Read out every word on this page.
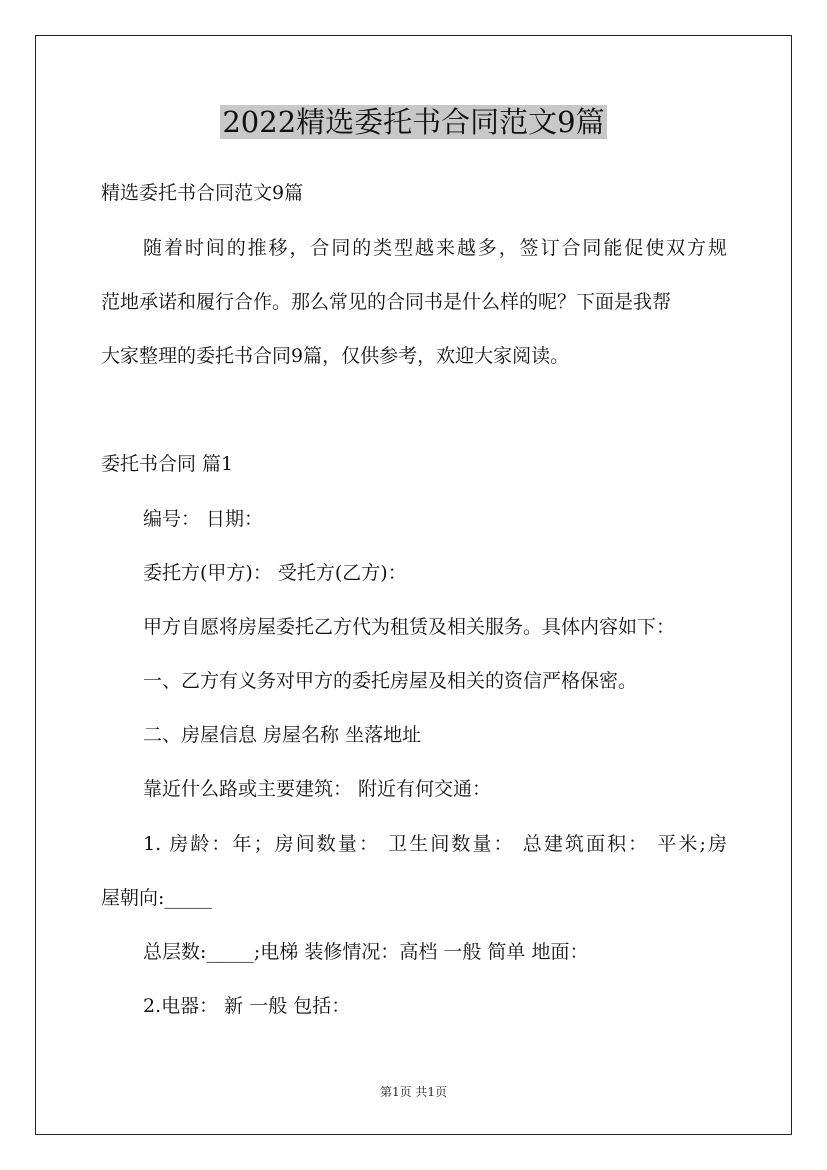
2022精选委托书合同范文9篇
精选委托书合同范文9篇
随着时间的推移，合同的类型越来越多，签订合同能促使双方规
范地承诺和履行合作。那么常见的合同书是什么样的呢？下面是我帮
大家整理的委托书合同9篇，仅供参考，欢迎大家阅读。
委托书合同 篇1
编号： 日期：
委托方(甲方)： 受托方(乙方)：
甲方自愿将房屋委托乙方代为租赁及相关服务。具体内容如下：
一、乙方有义务对甲方的委托房屋及相关的资信严格保密。
二、房屋信息 房屋名称 坐落地址
靠近什么路或主要建筑： 附近有何交通：
1. 房龄：年；房间数量： 卫生间数量： 总建筑面积： 平米;房
屋朝向:_____
总层数:_____;电梯 装修情况：高档 一般 简单 地面：
2.电器： 新 一般 包括：
第1页 共1页
